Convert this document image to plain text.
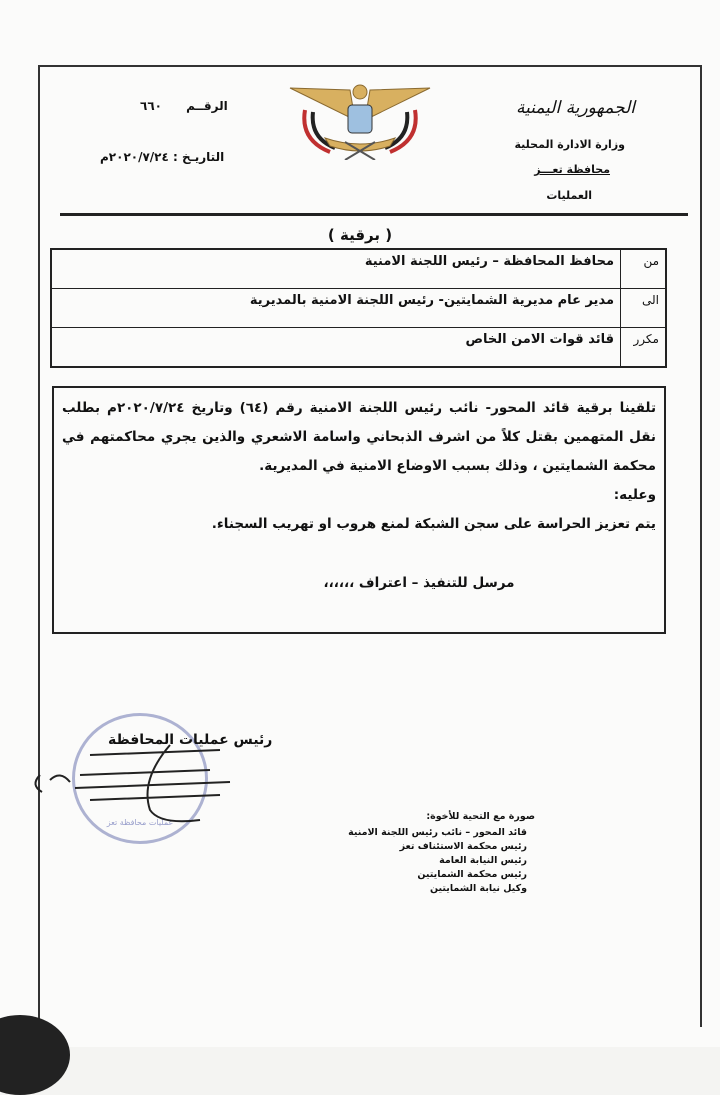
الجمهورية اليمنية
وزارة الادارة المحلية
محافظة تعـــز
العمليات
الرقــم ٦٦٠
التاريـخ : ٢٠٢٠/٧/٢٤م
( برقية )
من	محافظ المحافظة – رئيس اللجنة الامنية
الى	مدير عام مديرية الشمايتين- رئيس اللجنة الامنية بالمديرية
مكرر	قائد قوات الامن الخاص

تلقينا برقية قائد المحور- نائب رئيس اللجنة الامنية رقم (٦٤) وتاريخ ٢٠٢٠/٧/٢٤م بطلب نقل المتهمين بقتل كلاً من اشرف الذبحاني واسامة الاشعري والذين يجري محاكمتهم في محكمة الشمايتين ، وذلك بسبب الاوضاع الامنية في المديرية.

وعليه:

يتم تعزيز الحراسة على سجن الشبكة لمنع هروب او تهريب السجناء.

مرسل للتنفيذ – اعتراف ،،،،،،

عمليات محافظة تعز
رئيس عمليات المحافظة
صورة مع التحية للأخوة:
قائد المحور – نائب رئيس اللجنة الامنية
رئيس محكمة الاستئناف تعز
رئيس النيابة العامة
رئيس محكمة الشمايتين
وكيل نيابة الشمايتين
